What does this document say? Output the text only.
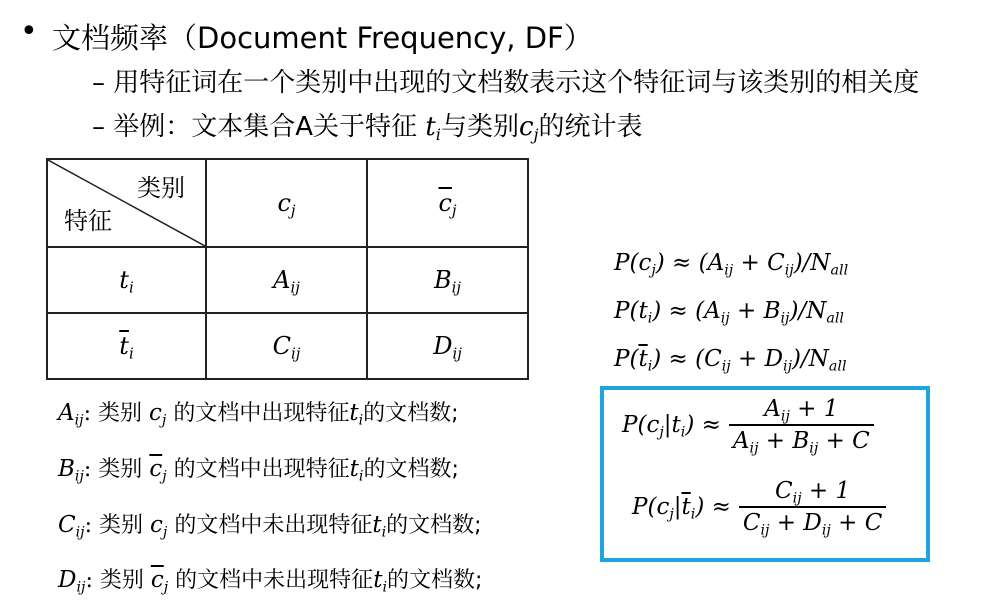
• 文档频率（Document Frequency, DF）
– 用特征词在一个类别中出现的文档数表示这个特征词与该类别的相关度
– 举例：文本集合A关于特征 $t_i$与类别$c_j$的统计表
类别
特征	$c_j$	$\overline{c}_j$
$t_i$	$A_{ij}$	$B_{ij}$
$\overline{t}_i$	$C_{ij}$	$D_{ij}$
$A_{ij}$: 类别 $c_j$ 的文档中出现特征$t_i$的文档数;
$B_{ij}$: 类别 $\overline{c}_j$ 的文档中出现特征$t_i$的文档数;
$C_{ij}$: 类别 $c_j$ 的文档中未出现特征$t_i$的文档数;
$D_{ij}$: 类别 $\overline{c}_j$ 的文档中未出现特征$t_i$的文档数;
$P(c_j) \approx (A_{ij} + C_{ij})/N_{all}$
$P(t_i) \approx (A_{ij} + B_{ij})/N_{all}$
$P(\overline{t}_i) \approx (C_{ij} + D_{ij})/N_{all}$
$P(c_j|t_i) \approx \frac{A_{ij} + 1}{A_{ij} + B_{ij} + C}$
$P(c_j|\overline{t}_i) \approx \frac{C_{ij} + 1}{C_{ij} + D_{ij} + C}$
